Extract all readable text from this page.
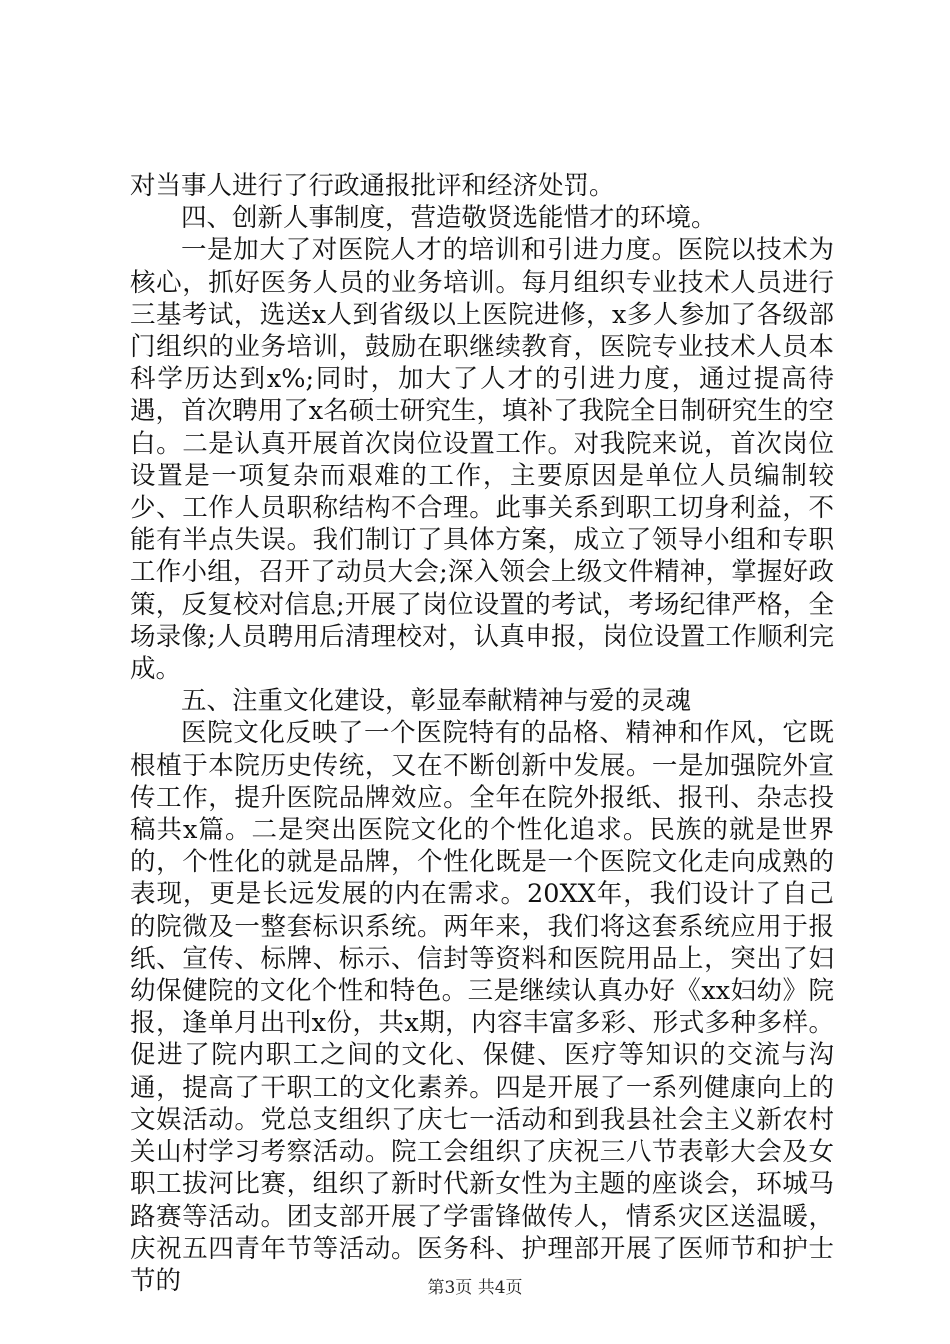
对当事人进行了行政通报批评和经济处罚。

四、创新人事制度，营造敬贤选能惜才的环境。

一是加大了对医院人才的培训和引进力度。医院以技术为核心，抓好医务人员的业务培训。每月组织专业技术人员进行三基考试，选送x人到省级以上医院进修，x多人参加了各级部门组织的业务培训，鼓励在职继续教育，医院专业技术人员本科学历达到x%;同时，加大了人才的引进力度，通过提高待遇，首次聘用了x名硕士研究生，填补了我院全日制研究生的空白。二是认真开展首次岗位设置工作。对我院来说，首次岗位设置是一项复杂而艰难的工作，主要原因是单位人员编制较少、工作人员职称结构不合理。此事关系到职工切身利益，不能有半点失误。我们制订了具体方案，成立了领导小组和专职工作小组，召开了动员大会;深入领会上级文件精神，掌握好政策，反复校对信息;开展了岗位设置的考试，考场纪律严格，全场录像;人员聘用后清理校对，认真申报，岗位设置工作顺利完成。

五、注重文化建设，彰显奉献精神与爱的灵魂

医院文化反映了一个医院特有的品格、精神和作风，它既根植于本院历史传统，又在不断创新中发展。一是加强院外宣传工作，提升医院品牌效应。全年在院外报纸、报刊、杂志投稿共x篇。二是突出医院文化的个性化追求。民族的就是世界的，个性化的就是品牌，个性化既是一个医院文化走向成熟的表现，更是长远发展的内在需求。20XX年，我们设计了自己的院微及一整套标识系统。两年来，我们将这套系统应用于报纸、宣传、标牌、标示、信封等资料和医院用品上，突出了妇幼保健院的文化个性和特色。三是继续认真办好《xx妇幼》院报，逢单月出刊x份，共x期，内容丰富多彩、形式多种多样。促进了院内职工之间的文化、保健、医疗等知识的交流与沟通，提高了干职工的文化素养。四是开展了一系列健康向上的文娱活动。党总支组织了庆七一活动和到我县社会主义新农村关山村学习考察活动。院工会组织了庆祝三八节表彰大会及女职工拔河比赛，组织了新时代新女性为主题的座谈会，环城马路赛等活动。团支部开展了学雷锋做传人，情系灾区送温暖，庆祝五四青年节等活动。医务科、护理部开展了医师节和护士节的	第3页 共4页
